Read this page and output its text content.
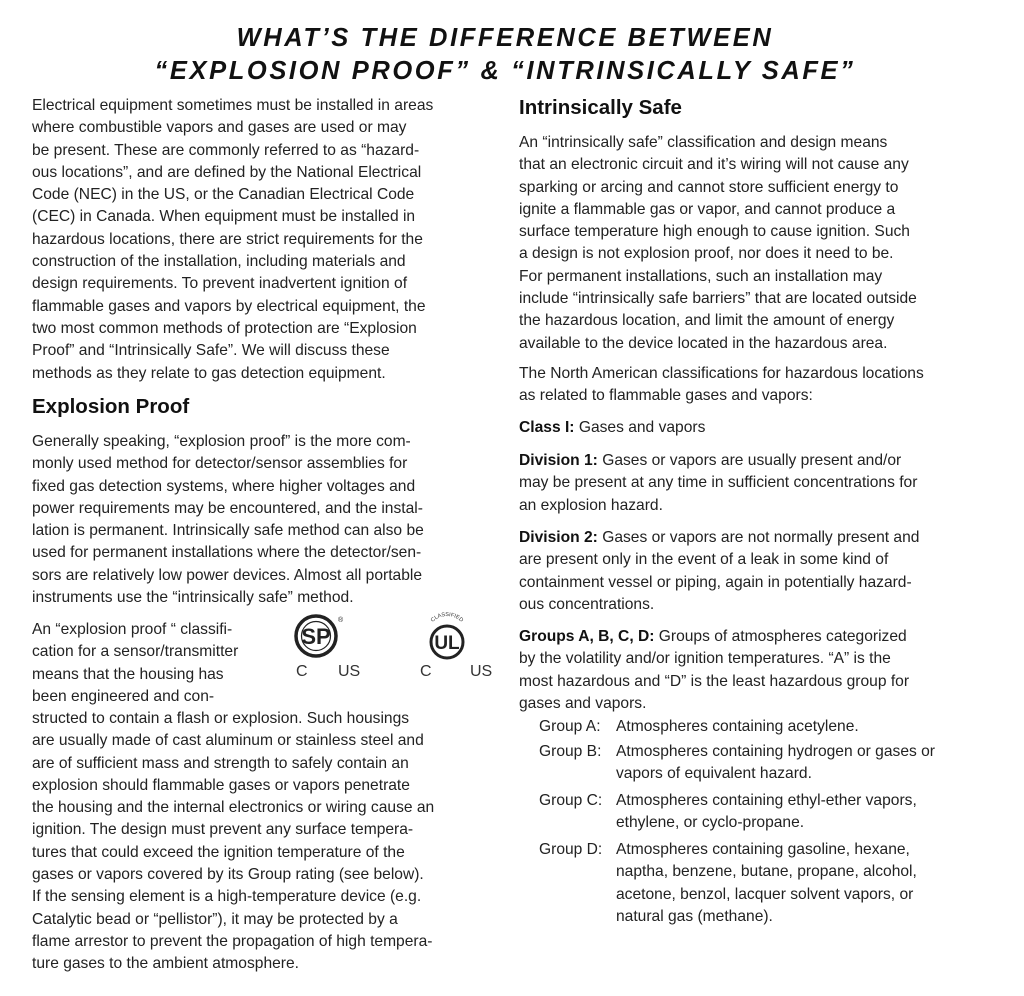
WHAT’S THE DIFFERENCE BETWEEN
“EXPLOSION PROOF” & “INTRINSICALLY SAFE”
Electrical equipment sometimes must be installed in areas
where combustible vapors and gases are used or may
be present. These are commonly referred to as “hazard-
ous locations”, and are defined by the National Electrical
Code (NEC) in the US, or the Canadian Electrical Code
(CEC) in Canada. When equipment must be installed in
hazardous locations, there are strict requirements for the
construction of the installation, including materials and
design requirements. To prevent inadvertent ignition of
flammable gases and vapors by electrical equipment, the
two most common methods of protection are “Explosion
Proof” and “Intrinsically Safe”. We will discuss these
methods as they relate to gas detection equipment.
Explosion Proof
Generally speaking, “explosion proof” is the more com-
monly used method for detector/sensor assemblies for
fixed gas detection systems, where higher voltages and
power requirements may be encountered, and the instal-
lation is permanent. Intrinsically safe method can also be
used for permanent installations where the detector/sen-
sors are relatively low power devices. Almost all portable
instruments use the “intrinsically safe” method.
An “explosion proof “ classifi-
cation for a sensor/transmitter
means that the housing has
been engineered and con-
SP
®
C US
CLASSIFIED
UL
C US
structed to contain a flash or explosion. Such housings
are usually made of cast aluminum or stainless steel and
are of sufficient mass and strength to safely contain an
explosion should flammable gases or vapors penetrate
the housing and the internal electronics or wiring cause an
ignition. The design must prevent any surface tempera-
tures that could exceed the ignition temperature of the
gases or vapors covered by its Group rating (see below).
If the sensing element is a high-temperature device (e.g.
Catalytic bead or “pellistor”), it may be protected by a
flame arrestor to prevent the propagation of high tempera-
ture gases to the ambient atmosphere.
Intrinsically Safe
An “intrinsically safe” classification and design means
that an electronic circuit and it’s wiring will not cause any
sparking or arcing and cannot store sufficient energy to
ignite a flammable gas or vapor, and cannot produce a
surface temperature high enough to cause ignition. Such
a design is not explosion proof, nor does it need to be.
For permanent installations, such an installation may
include “intrinsically safe barriers” that are located outside
the hazardous location, and limit the amount of energy
available to the device located in the hazardous area.
The North American classifications for hazardous locations
as related to flammable gases and vapors:
Class I: Gases and vapors
Division 1: Gases or vapors are usually present and/or
may be present at any time in sufficient concentrations for
an explosion hazard.
Division 2: Gases or vapors are not normally present and
are present only in the event of a leak in some kind of
containment vessel or piping, again in potentially hazard-
ous concentrations.
Groups A, B, C, D: Groups of atmospheres categorized
by the volatility and/or ignition temperatures. “A” is the
most hazardous and “D” is the least hazardous group for
gases and vapors.
Group A: Atmospheres containing acetylene.
Group B: Atmospheres containing hydrogen or gases or
vapors of equivalent hazard.
Group C: Atmospheres containing ethyl-ether vapors,
ethylene, or cyclo-propane.
Group D: Atmospheres containing gasoline, hexane,
naptha, benzene, butane, propane, alcohol,
acetone, benzol, lacquer solvent vapors, or
natural gas (methane).
